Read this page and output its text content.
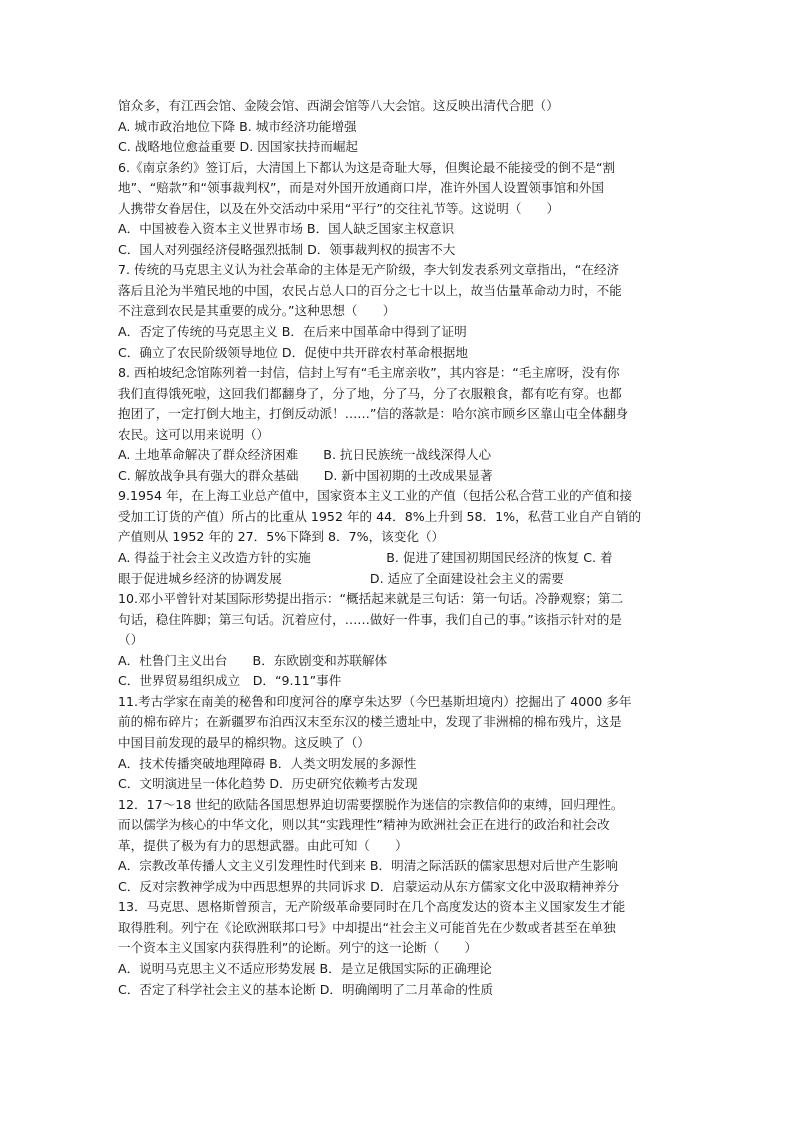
馆众多，有江西会馆、金陵会馆、西湖会馆等八大会馆。这反映出清代合肥（）
A. 城市政治地位下降 B. 城市经济功能增强
C. 战略地位愈益重要 D. 因国家扶持而崛起
6.《南京条约》签订后，大清国上下都认为这是奇耻大辱，但舆论最不能接受的倒不是“割
地”、“赔款”和“领事裁判权”，而是对外国开放通商口岸，准许外国人设置领事馆和外国
人携带女眷居住，以及在外交活动中采用“平行”的交往礼节等。这说明（　　）
A．中国被卷入资本主义世界市场 B．国人缺乏国家主权意识
C．国人对列强经济侵略强烈抵制 D．领事裁判权的损害不大
7. 传统的马克思主义认为社会革命的主体是无产阶级，李大钊发表系列文章指出，“在经济
落后且沦为半殖民地的中国，农民占总人口的百分之七十以上，故当估量革命动力时，不能
不注意到农民是其重要的成分。”这种思想（　　）
A．否定了传统的马克思主义 B．在后来中国革命中得到了证明
C．确立了农民阶级领导地位 D．促使中共开辟农村革命根据地
8. 西柏坡纪念馆陈列着一封信，信封上写有“毛主席亲收”，其内容是：“毛主席呀，没有你
我们直得饿死啦，这回我们都翻身了，分了地，分了马，分了衣服粮食，都有吃有穿。也都
抱团了，一定打倒大地主，打倒反动派！……”信的落款是：哈尔滨市顾乡区靠山屯全体翻身
农民。这可以用来说明（）
A. 土地革命解决了群众经济困难　　B. 抗日民族统一战线深得人心
C. 解放战争具有强大的群众基础　　D. 新中国初期的土改成果显著
9.1954 年，在上海工业总产值中，国家资本主义工业的产值（包括公私合营工业的产值和接
受加工订货的产值）所占的比重从 1952 年的 44．8%上升到 58．1%，私营工业自产自销的
产值则从 1952 年的 27．5%下降到 8．7%，该变化（）
A. 得益于社会主义改造方针的实施　　　　　　B. 促进了建国初期国民经济的恢复 C. 着
眼于促进城乡经济的协调发展　　　　　　　D. 适应了全面建设社会主义的需要
10.邓小平曾针对某国际形势提出指示：“概括起来就是三句话：第一句话。冷静观察；第二
句话，稳住阵脚；第三句话。沉着应付，……做好一件事，我们自己的事。”该指示针对的是
（）
A．杜鲁门主义出台　　B．东欧剧变和苏联解体
C．世界贸易组织成立　D．“9.11”事件
11.考古学家在南美的秘鲁和印度河谷的摩亨朱达罗（今巴基斯坦境内）挖掘出了 4000 多年
前的棉布碎片；在新疆罗布泊西汉末至东汉的楼兰遗址中，发现了非洲棉的棉布残片，这是
中国目前发现的最早的棉织物。这反映了（）
A．技术传播突破地理障碍 B．人类文明发展的多源性
C．文明演进呈一体化趋势 D．历史研究依赖考古发现
12．17～18 世纪的欧陆各国思想界迫切需要摆脱作为迷信的宗教信仰的束缚，回归理性。
而以儒学为核心的中华文化，则以其“实践理性”精神为欧洲社会正在进行的政治和社会改
革，提供了极为有力的思想武器。由此可知（　　）
A．宗教改革传播人文主义引发理性时代到来 B．明清之际活跃的儒家思想对后世产生影响
C．反对宗教神学成为中西思想界的共同诉求 D．启蒙运动从东方儒家文化中汲取精神养分
13．马克思、恩格斯曾预言，无产阶级革命要同时在几个高度发达的资本主义国家发生才能
取得胜利。列宁在《论欧洲联邦口号》中却提出“社会主义可能首先在少数或者甚至在单独
一个资本主义国家内获得胜利”的论断。列宁的这一论断（　　）
A．说明马克思主义不适应形势发展 B．是立足俄国实际的正确理论
C．否定了科学社会主义的基本论断 D．明确阐明了二月革命的性质
